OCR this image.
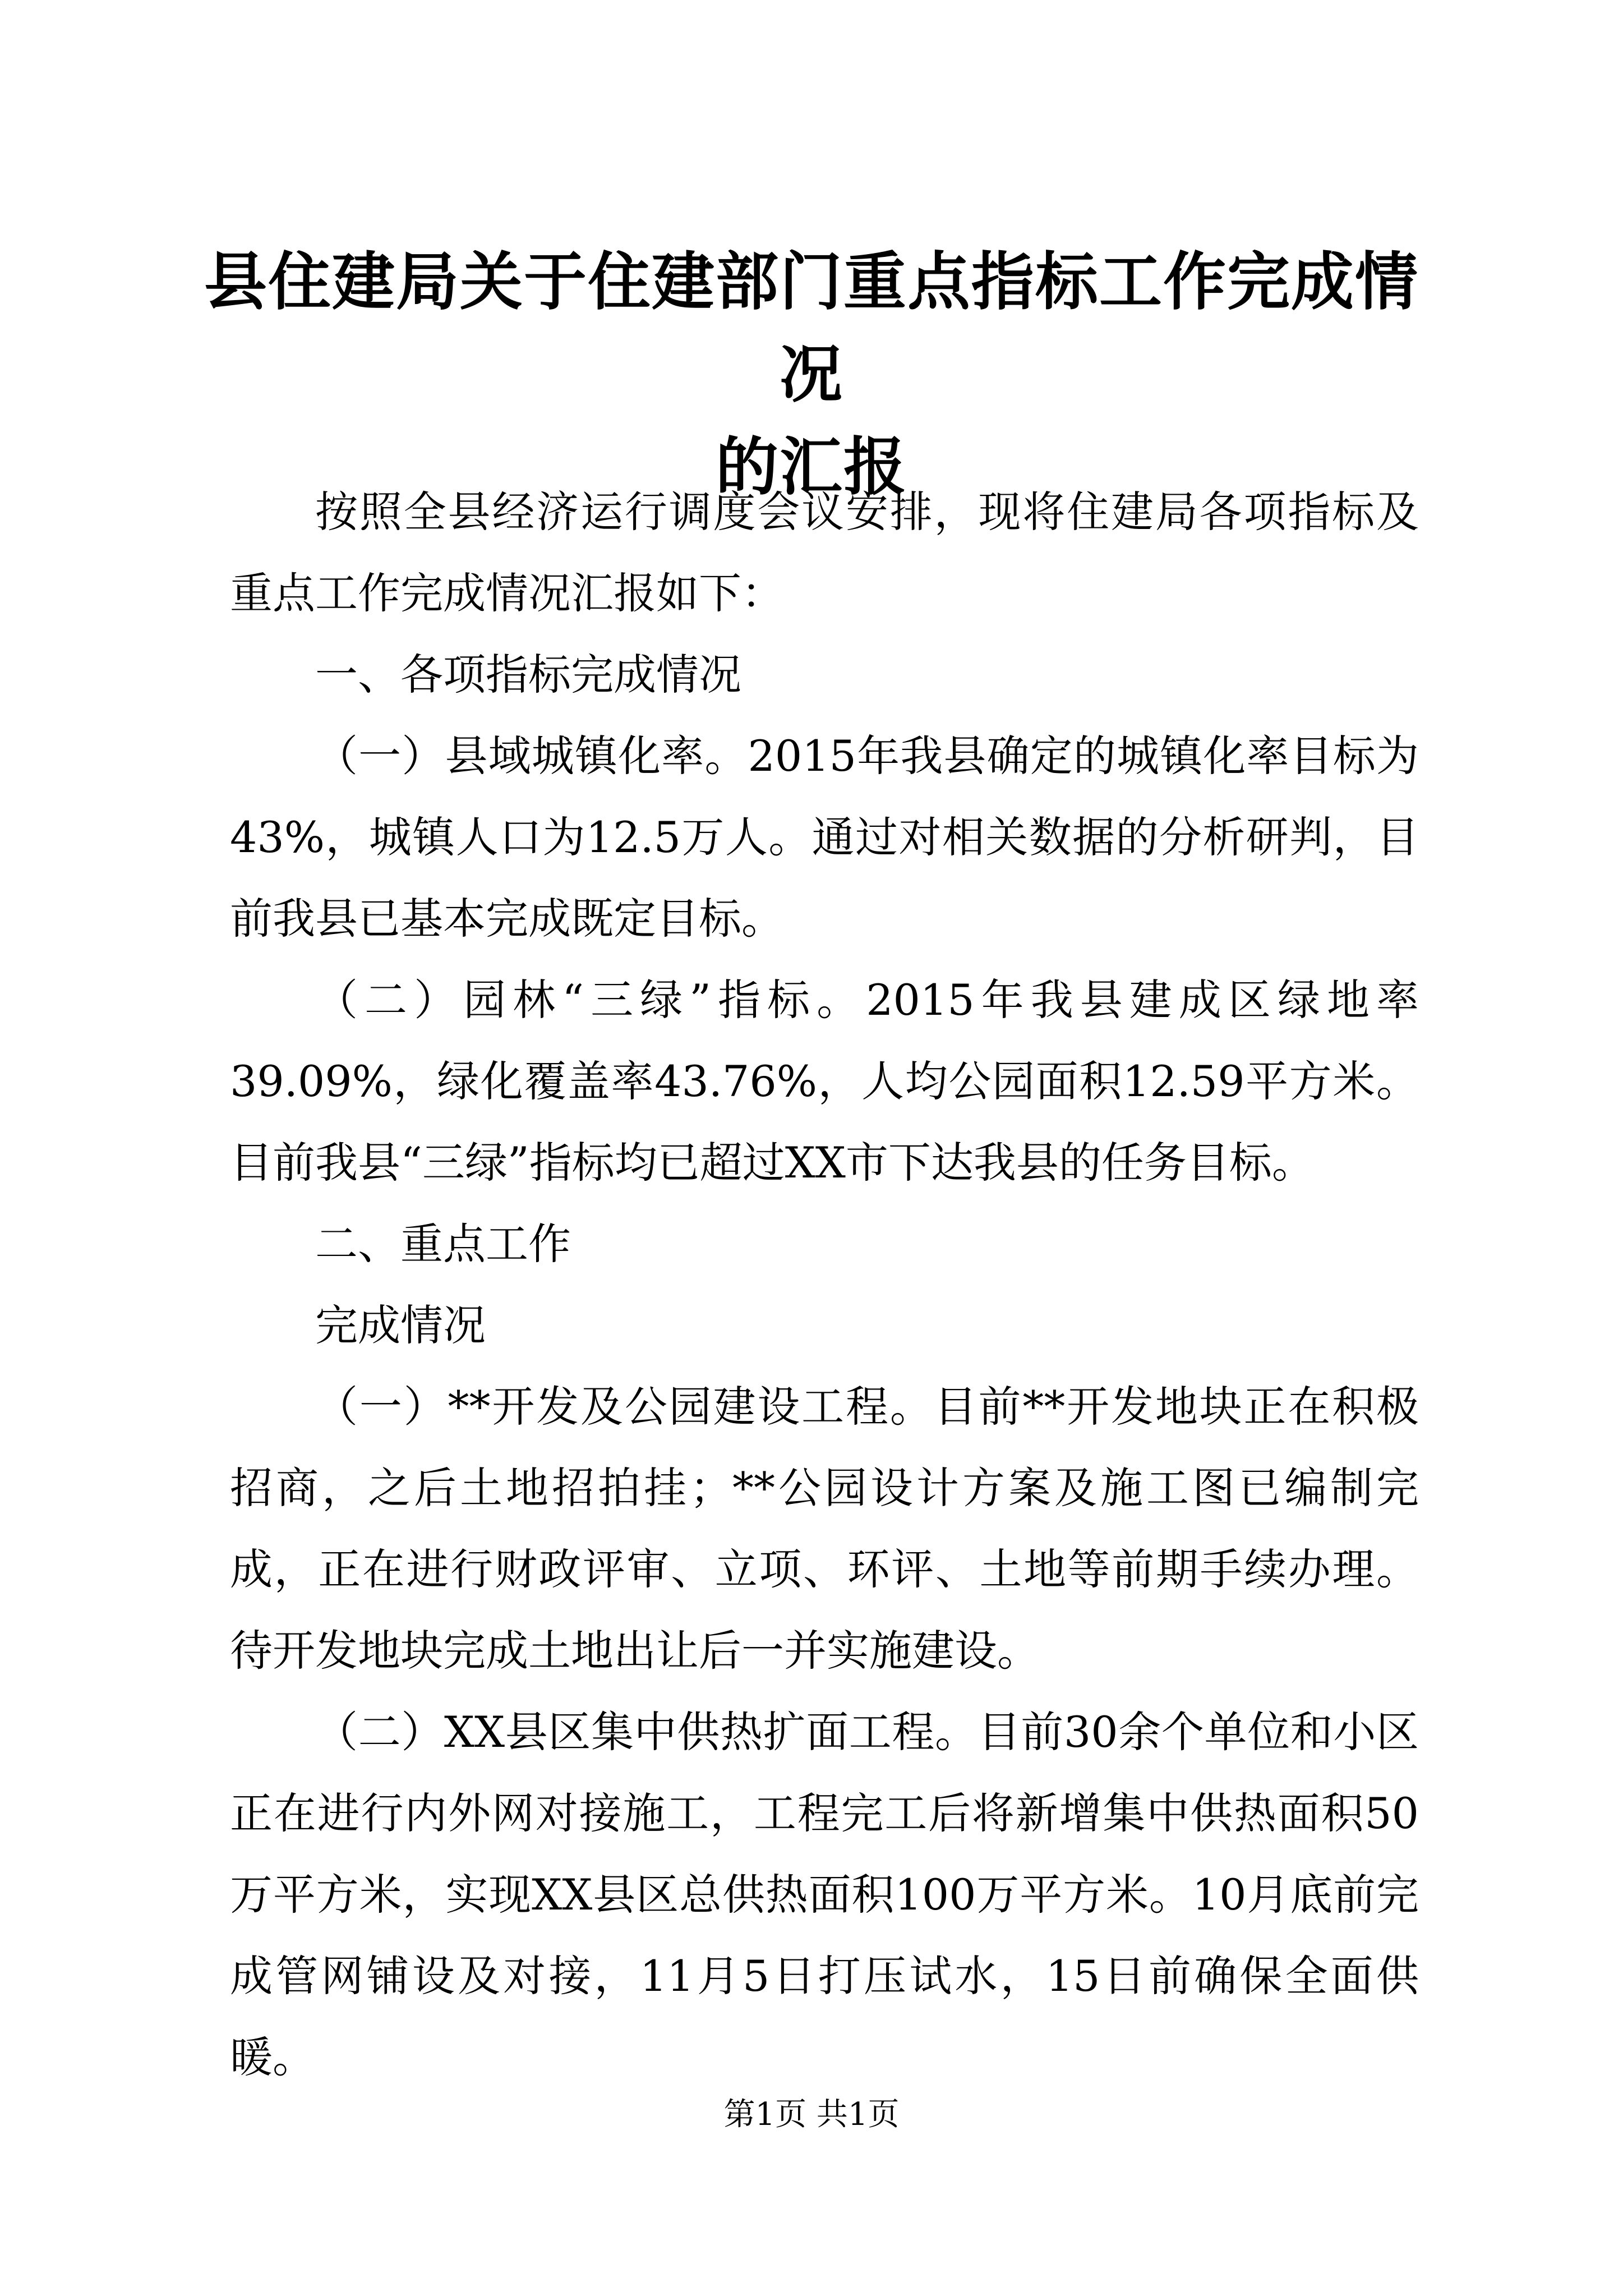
县住建局关于住建部门重点指标工作完成情况
的汇报

按照全县经济运行调度会议安排，现将住建局各项指标及重点工作完成情况汇报如下：

一、各项指标完成情况

（一）县域城镇化率。2015年我县确定的城镇化率目标为43%，城镇人口为12.5万人。通过对相关数据的分析研判，目前我县已基本完成既定目标。

（二）园林“三绿”指标。2015年我县建成区绿地率39.09%，绿化覆盖率43.76%，人均公园面积12.59平方米。目前我县“三绿”指标均已超过XX市下达我县的任务目标。

二、重点工作

完成情况

（一）**开发及公园建设工程。目前**开发地块正在积极招商，之后土地招拍挂；**公园设计方案及施工图已编制完成，正在进行财政评审、立项、环评、土地等前期手续办理。待开发地块完成土地出让后一并实施建设。

（二）XX县区集中供热扩面工程。目前30余个单位和小区正在进行内外网对接施工，工程完工后将新增集中供热面积50万平方米，实现XX县区总供热面积100万平方米。10月底前完成管网铺设及对接，11月5日打压试水，15日前确保全面供暖。

第1页 共1页
